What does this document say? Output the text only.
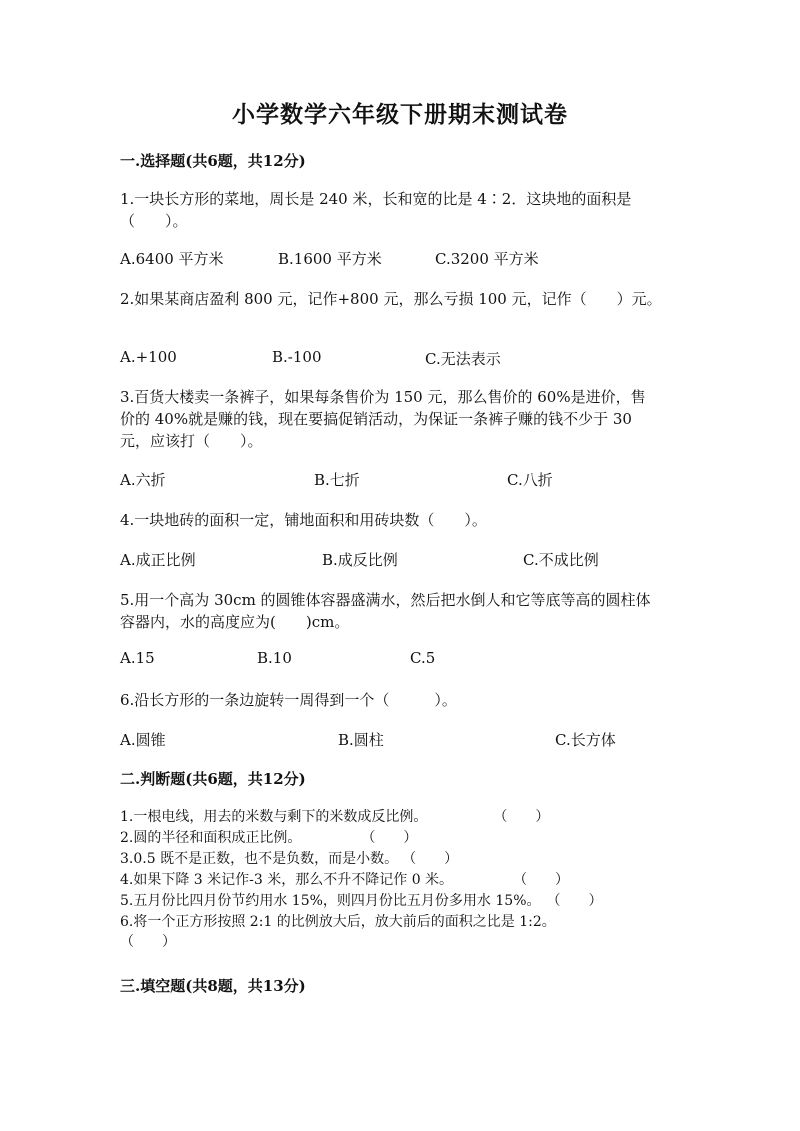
小学数学六年级下册期末测试卷
一.选择题(共6题，共12分)
1.一块长方形的菜地，周长是 240 米，长和宽的比是 4∶2．这块地的面积是
（　　）。
A.6400 平方米	B.1600 平方米	C.3200 平方米
2.如果某商店盈利 800 元，记作+800 元，那么亏损 100 元，记作（　　）元。
A.+100	B.-100	C.无法表示
3.百货大楼卖一条裤子，如果每条售价为 150 元，那么售价的 60%是进价，售
价的 40%就是赚的钱，现在要搞促销活动，为保证一条裤子赚的钱不少于 30
元，应该打（　　）。
A.六折	B.七折	C.八折
4.一块地砖的面积一定，铺地面积和用砖块数（　　）。
A.成正比例	B.成反比例	C.不成比例
5.用一个高为 30cm 的圆锥体容器盛满水，然后把水倒人和它等底等高的圆柱体
容器内，水的高度应为(　　)cm。
A.15	B.10	C.5
6.沿长方形的一条边旋转一周得到一个（　　　）。
A.圆锥	B.圆柱	C.长方体
二.判断题(共6题，共12分)
1.一根电线，用去的米数与剩下的米数成反比例。	（　　）
2.圆的半径和面积成正比例。	（　　）
3.0.5 既不是正数，也不是负数，而是小数。 （　　）
4.如果下降 3 米记作-3 米，那么不升不降记作 0 米。	（　　）
5.五月份比四月份节约用水 15%，则四月份比五月份多用水 15%。 （　　）
6.将一个正方形按照 2:1 的比例放大后，放大前后的面积之比是 1:2。
（　　）
三.填空题(共8题，共13分)
